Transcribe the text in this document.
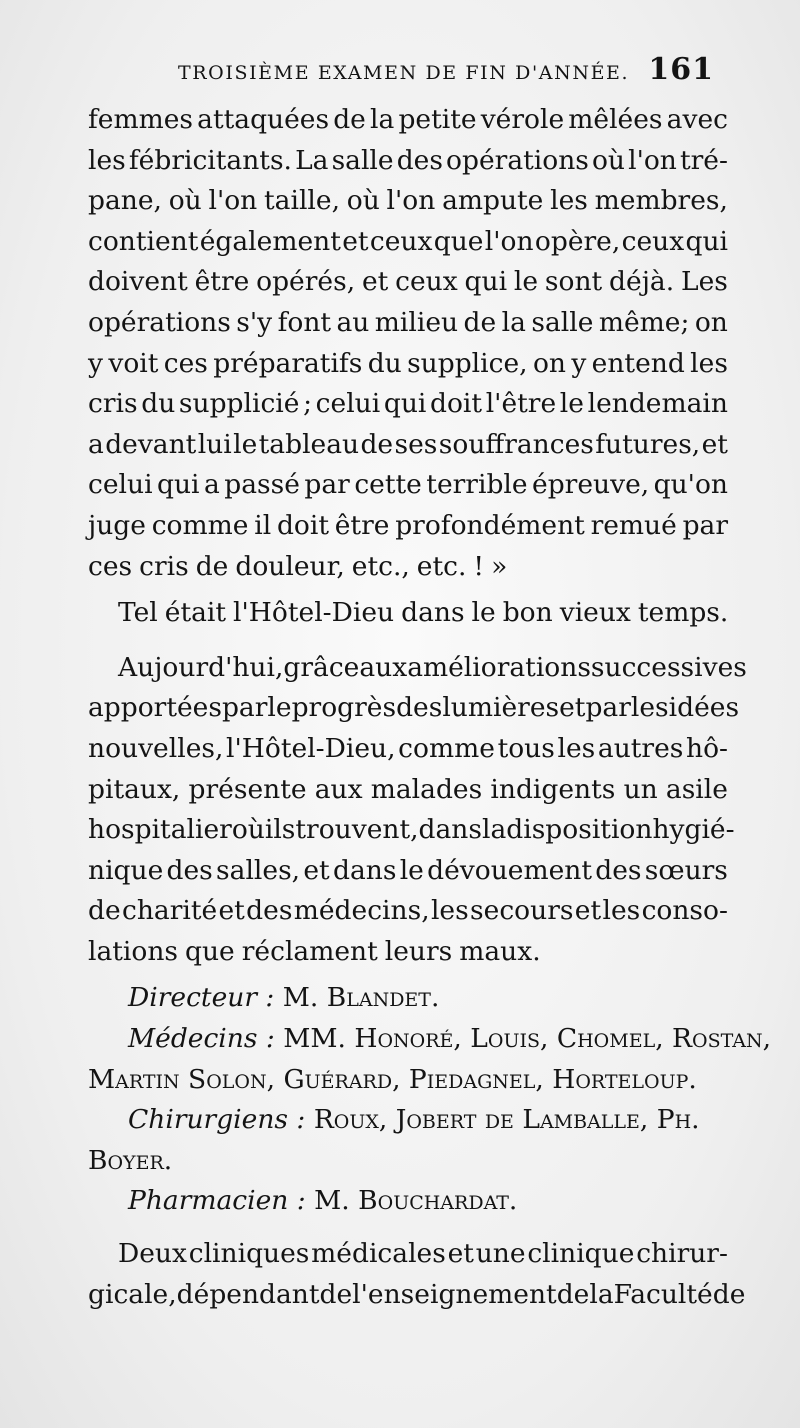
TROISIÈME EXAMEN DE FIN D'ANNÉE. 161
femmes attaquées de la petite vérole mêlées avec
les fébricitants. La salle des opérations où l'on tré-
pane, où l'on taille, où l'on ampute les membres,
contient également et ceux que l'on opère, ceux qui
doivent être opérés, et ceux qui le sont déjà. Les
opérations s'y font au milieu de la salle même; on
y voit ces préparatifs du supplice, on y entend les
cris du supplicié ; celui qui doit l'être le lendemain
a devant lui le tableau de ses souffrances futures, et
celui qui a passé par cette terrible épreuve, qu'on
juge comme il doit être profondément remué par
ces cris de douleur, etc., etc. ! »
Tel était l'Hôtel-Dieu dans le bon vieux temps.
Aujourd'hui, grâce aux améliorations successives
apportées par le progrès des lumières et par les idées
nouvelles, l'Hôtel-Dieu, comme tous les autres hô-
pitaux, présente aux malades indigents un asile
hospitalier où ils trouvent, dans la disposition hygié-
nique des salles, et dans le dévouement des sœurs
de charité et des médecins, les secours et les conso-
lations que réclament leurs maux.
Directeur : M. Blandet.
Médecins : MM. Honoré, Louis, Chomel, Rostan,
Martin Solon, Guérard, Piedagnel, Horteloup.
Chirurgiens : Roux, Jobert de Lamballe, Ph.
Boyer.
Pharmacien : M. Bouchardat.
Deux cliniques médicales et une clinique chirur-
gicale, dépendant de l'enseignement de la Faculté de
